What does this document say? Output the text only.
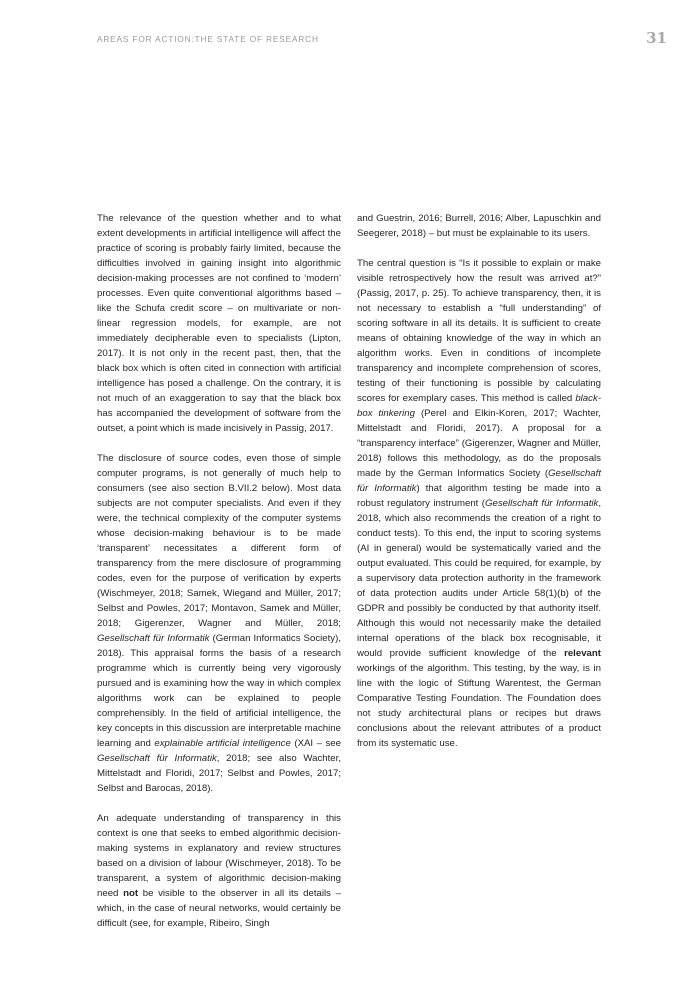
AREAS FOR ACTION:THE STATE OF RESEARCH	31

The relevance of the question whether and to what extent developments in artificial intelligence will affect the practice of scoring is probably fairly limited, because the difficulties involved in gaining insight into algorithmic decision-making processes are not confined to ‘modern’ processes. Even quite conventional algorithms based – like the Schufa credit score – on multivariate or non-linear regression models, for example, are not immediately decipherable even to specialists (Lipton, 2017). It is not only in the recent past, then, that the black box which is often cited in connection with artificial intelligence has posed a challenge. On the contrary, it is not much of an exaggeration to say that the black box has accompanied the development of software from the outset, a point which is made incisively in Passig, 2017.

The disclosure of source codes, even those of simple computer programs, is not generally of much help to consumers (see also section B.VII.2 below). Most data subjects are not computer specialists. And even if they were, the technical complexity of the computer systems whose decision-making behaviour is to be made ‘transparent’ necessitates a different form of transparency from the mere disclosure of programming codes, even for the purpose of verification by experts (Wischmeyer, 2018; Samek, Wiegand and Müller, 2017; Selbst and Powles, 2017; Montavon, Samek and Müller, 2018; Gigerenzer, Wagner and Müller, 2018; Gesellschaft für Informatik (German Informatics Society), 2018). This appraisal forms the basis of a research programme which is currently being very vigorously pursued and is examining how the way in which complex algorithms work can be explained to people comprehensibly. In the field of artificial intelligence, the key concepts in this discussion are interpretable machine learning and explainable artificial intelligence (XAI – see Gesellschaft für Informatik, 2018; see also Wachter, Mittelstadt and Floridi, 2017; Selbst and Powles, 2017; Selbst and Barocas, 2018).

An adequate understanding of transparency in this context is one that seeks to embed algorithmic decision-making systems in explanatory and review structures based on a division of labour (Wischmeyer, 2018). To be transparent, a system of algorithmic decision-making need not be visible to the observer in all its details – which, in the case of neural networks, would certainly be difficult (see, for example, Ribeiro, Singh

and Guestrin, 2016; Burrell, 2016; Alber, Lapuschkin and Seegerer, 2018) – but must be explainable to its users.

The central question is “Is it possible to explain or make visible retrospectively how the result was arrived at?” (Passig, 2017, p. 25). To achieve transparency, then, it is not necessary to establish a “full understanding” of scoring software in all its details. It is sufficient to create means of obtaining knowledge of the way in which an algorithm works. Even in conditions of incomplete transparency and incomplete comprehension of scores, testing of their functioning is possible by calculating scores for exemplary cases. This method is called black-box tinkering (Perel and Elkin-Koren, 2017; Wachter, Mittelstadt and Floridi, 2017). A proposal for a “transparency interface” (Gigerenzer, Wagner and Müller, 2018) follows this methodology, as do the proposals made by the German Informatics Society (Gesellschaft für Informatik) that algorithm testing be made into a robust regulatory instrument (Gesellschaft für Informatik, 2018, which also recommends the creation of a right to conduct tests). To this end, the input to scoring systems (AI in general) would be systematically varied and the output evaluated. This could be required, for example, by a supervisory data protection authority in the framework of data protection audits under Article 58(1)(b) of the GDPR and possibly be conducted by that authority itself. Although this would not necessarily make the detailed internal operations of the black box recognisable, it would provide sufficient knowledge of the relevant workings of the algorithm. This testing, by the way, is in line with the logic of Stiftung Warentest, the German Comparative Testing Foundation. The Foundation does not study architectural plans or recipes but draws conclusions about the relevant attributes of a product from its systematic use.
